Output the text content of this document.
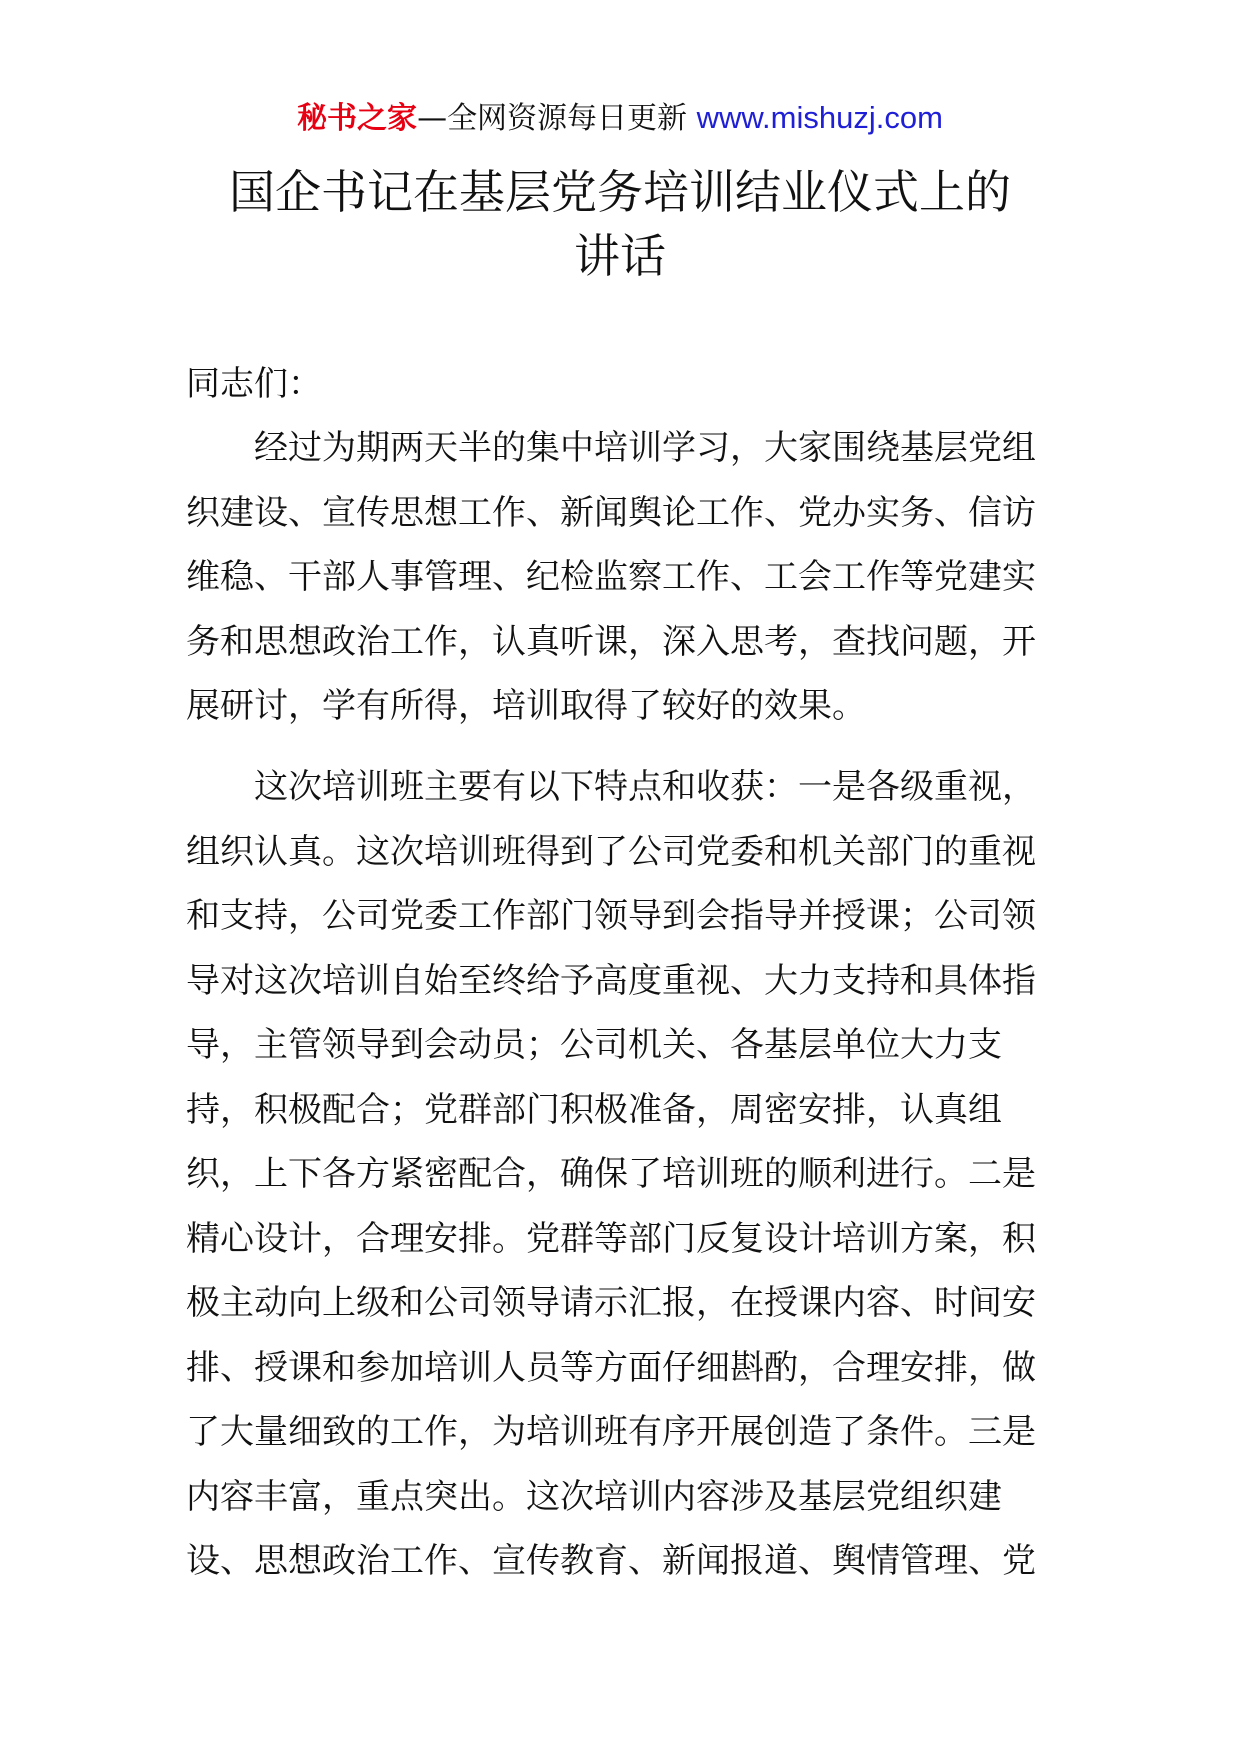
秘书之家—全网资源每日更新 www.mishuzj.com
国企书记在基层党务培训结业仪式上的
讲话
同志们：
　　经过为期两天半的集中培训学习，大家围绕基层党组
织建设、宣传思想工作、新闻舆论工作、党办实务、信访
维稳、干部人事管理、纪检监察工作、工会工作等党建实
务和思想政治工作，认真听课，深入思考，查找问题，开
展研讨，学有所得，培训取得了较好的效果。
　　这次培训班主要有以下特点和收获：一是各级重视，
组织认真。这次培训班得到了公司党委和机关部门的重视
和支持，公司党委工作部门领导到会指导并授课；公司领
导对这次培训自始至终给予高度重视、大力支持和具体指
导，主管领导到会动员；公司机关、各基层单位大力支
持，积极配合；党群部门积极准备，周密安排，认真组
织，上下各方紧密配合，确保了培训班的顺利进行。二是
精心设计，合理安排。党群等部门反复设计培训方案，积
极主动向上级和公司领导请示汇报，在授课内容、时间安
排、授课和参加培训人员等方面仔细斟酌，合理安排，做
了大量细致的工作，为培训班有序开展创造了条件。三是
内容丰富，重点突出。这次培训内容涉及基层党组织建
设、思想政治工作、宣传教育、新闻报道、舆情管理、党
